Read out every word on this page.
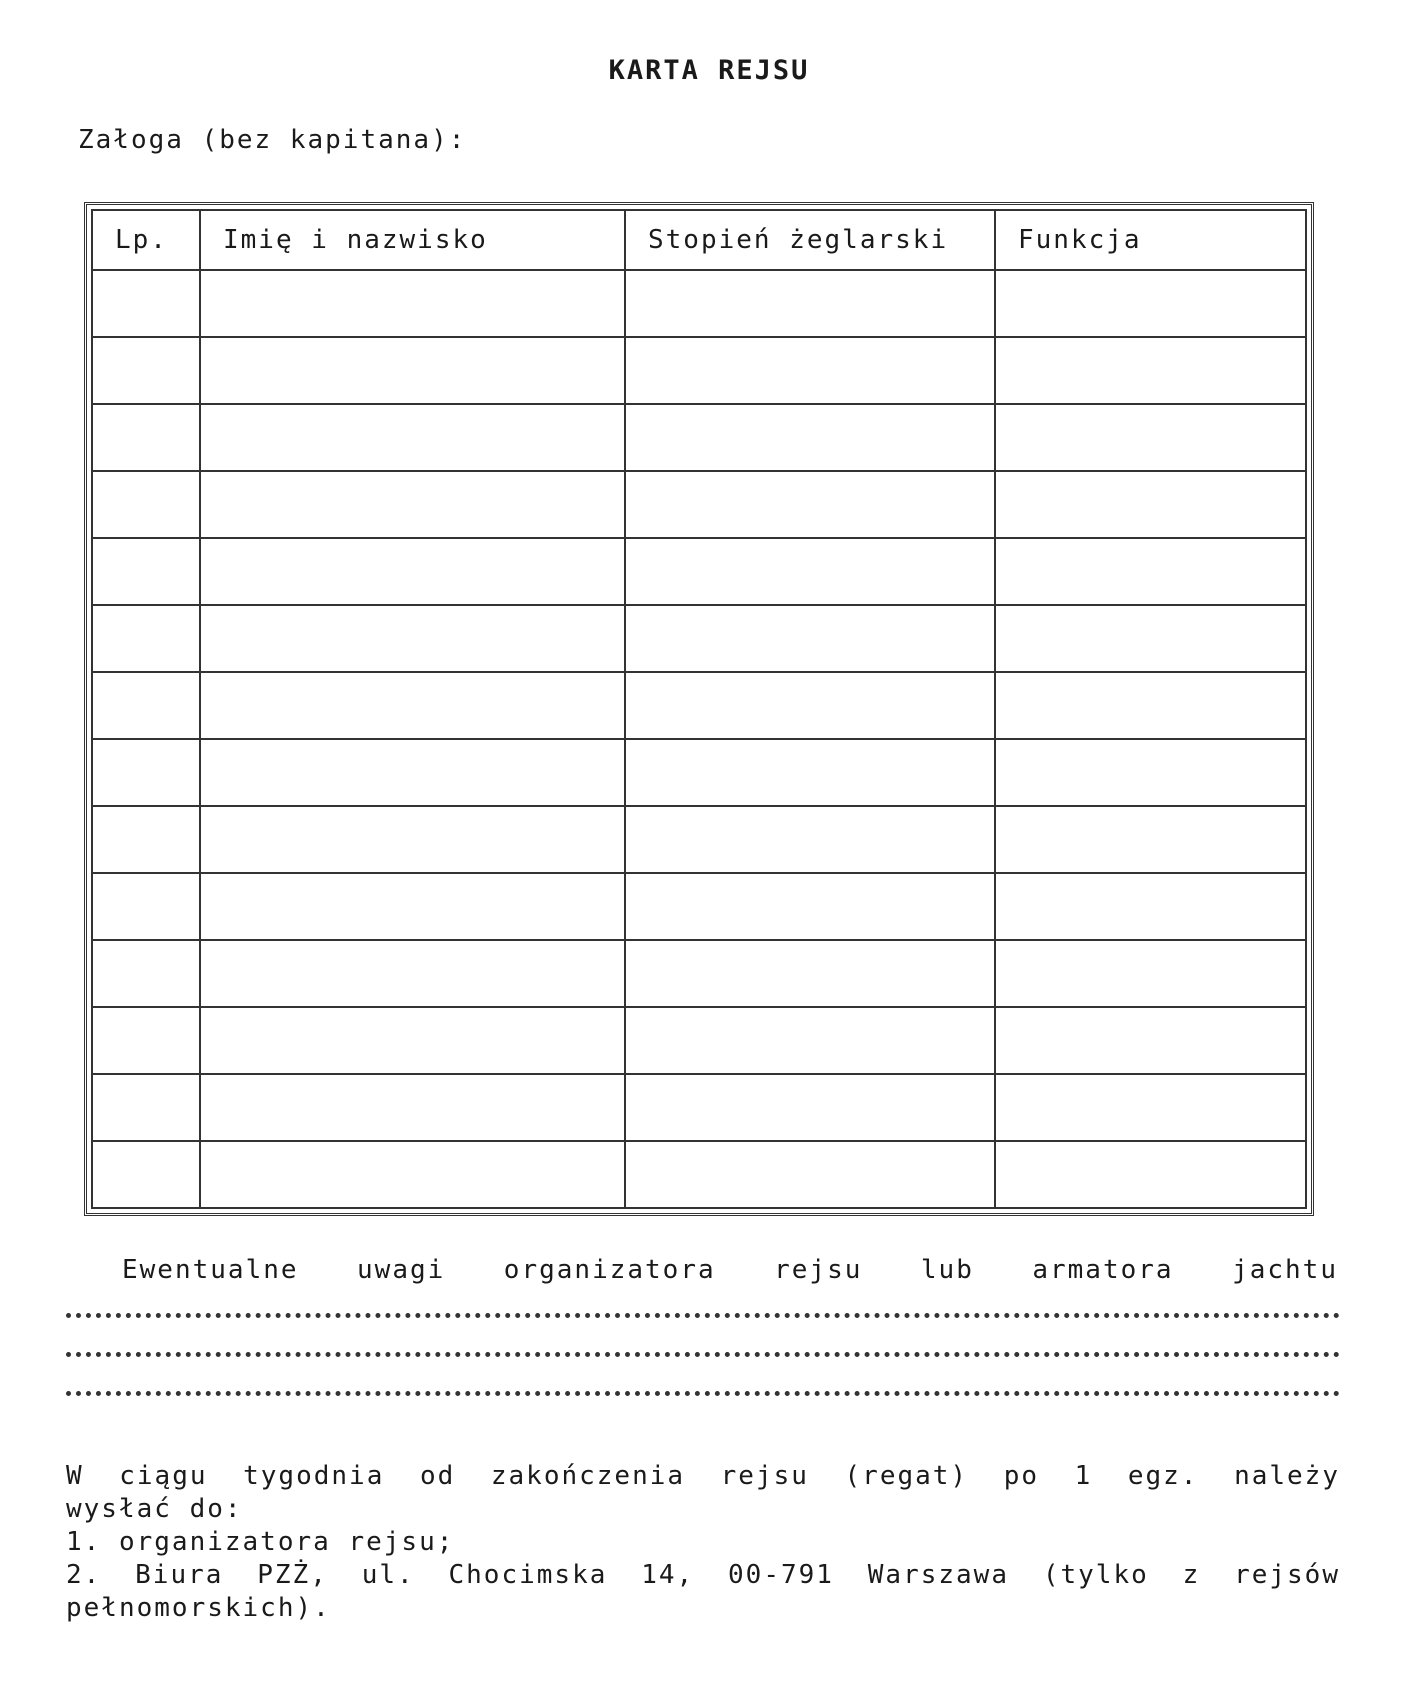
KARTA REJSU
Załoga (bez kapitana):
Lp.	Imię i nazwisko	Stopień żeglarski	Funkcja

Ewentualne uwagi organizatora rejsu lub armatora jachtu

W ciągu tygodnia od zakończenia rejsu (regat) po 1 egz. należy

wysłać do:

1. organizatora rejsu;

2. Biura PZŻ, ul. Chocimska 14, 00-791 Warszawa (tylko z rejsów

pełnomorskich).
